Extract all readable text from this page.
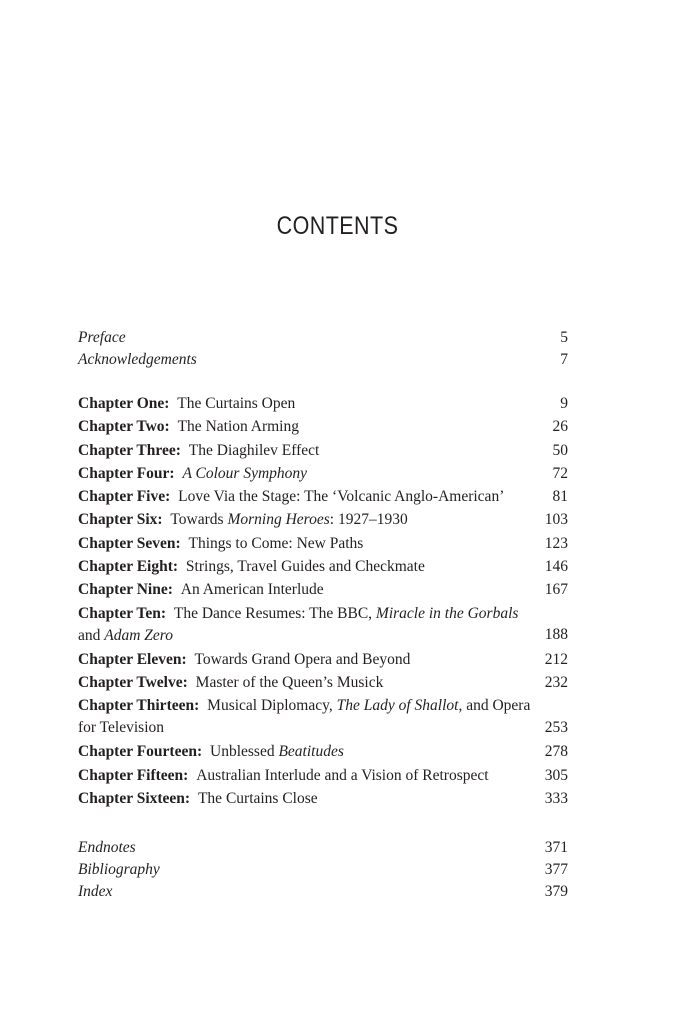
CONTENTS
Preface	5
Acknowledgements	7
Chapter One: The Curtains Open	9
Chapter Two: The Nation Arming	26
Chapter Three: The Diaghilev Effect	50
Chapter Four: A Colour Symphony	72
Chapter Five: Love Via the Stage: The ‘Volcanic Anglo-American’	81
Chapter Six: Towards Morning Heroes: 1927–1930	103
Chapter Seven: Things to Come: New Paths	123
Chapter Eight: Strings, Travel Guides and Checkmate	146
Chapter Nine: An American Interlude	167
Chapter Ten: The Dance Resumes: The BBC, Miracle in the Gorbals and Adam Zero	188
Chapter Eleven: Towards Grand Opera and Beyond	212
Chapter Twelve: Master of the Queen’s Musick	232
Chapter Thirteen: Musical Diplomacy, The Lady of Shallot, and Opera for Television	253
Chapter Fourteen: Unblessed Beatitudes	278
Chapter Fifteen: Australian Interlude and a Vision of Retrospect	305
Chapter Sixteen: The Curtains Close	333
Endnotes	371
Bibliography	377
Index	379
